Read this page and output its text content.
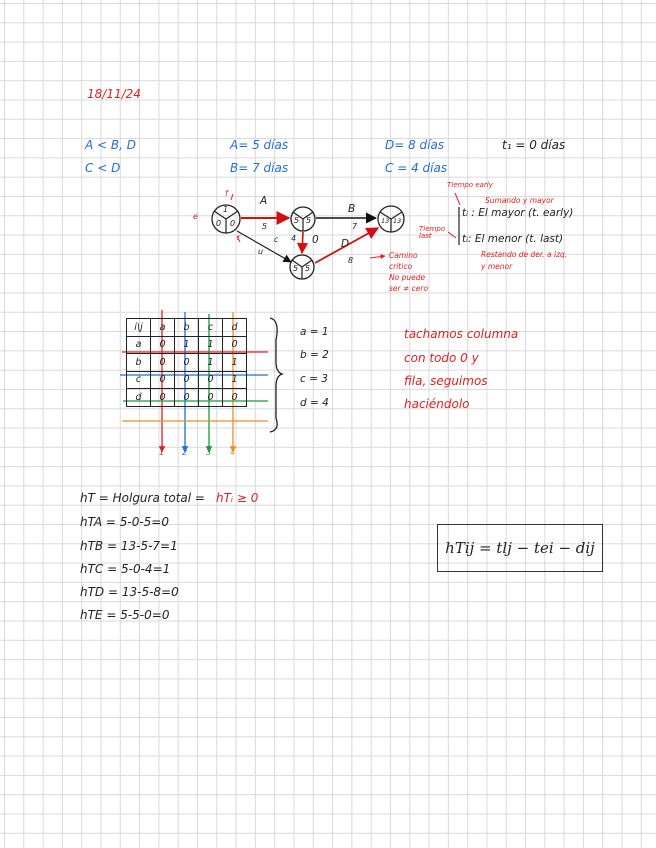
18/11/24
A < B, D
C < D
A= 5 días
B= 7 días
D= 8 días
C = 4 días
t₁ = 0 días
1
0 0	5 5
5 5
13 13
A
B
7
D
8
5
c 4 0
u
e
f
r
Tiempo early
Sumando y mayor
tᵢ : El mayor (t. early)
Tiempo last	tᵢ: El menor (t. last)
Restando de der. a izq.
y menor
Camino
crítico
No puede
ser ≠ cero
i\j	a	b	c	d
a	0	1	1	0
b	0	0	1	1
c	0	0	0	1
d	0	0	0	0
1 2 3 4
a = 1
b = 2
c = 3
d = 4
tachamos columna
con todo 0 y
fila, seguimos
haciéndolo
hT = Holgura total = hTᵢ ≥ 0
hTA = 5-0-5=0
hTB = 13-5-7=1
hTC = 5-0-4=1
hTD = 13-5-8=0
hTE = 5-5-0=0
hTij = tlj − tei − dij
